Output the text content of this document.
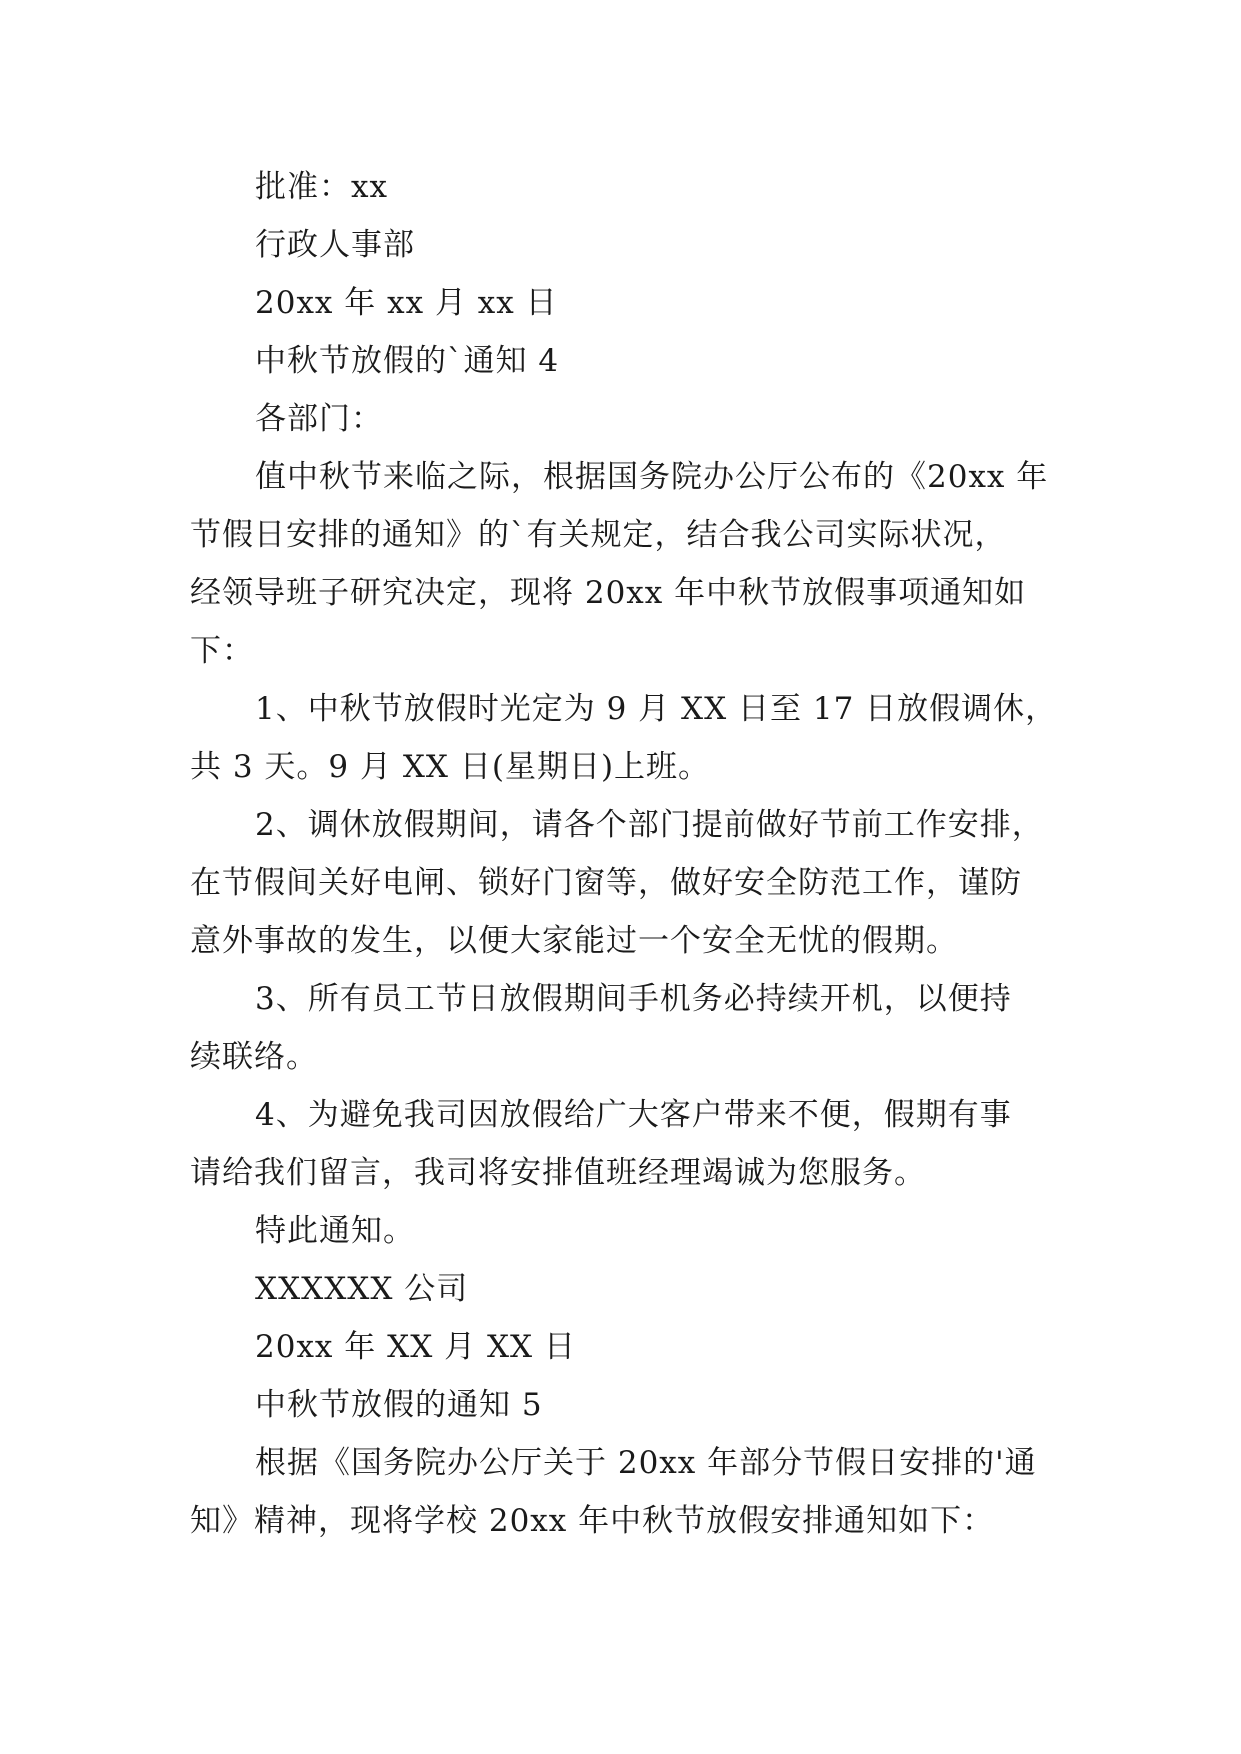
批准：xx
行政人事部
20xx 年 xx 月 xx 日
中秋节放假的`通知 4
各部门：
值中秋节来临之际，根据国务院办公厅公布的《20xx 年
节假日安排的通知》的`有关规定，结合我公司实际状况，
经领导班子研究决定，现将 20xx 年中秋节放假事项通知如
下：
1、中秋节放假时光定为 9 月 XX 日至 17 日放假调休，
共 3 天。9 月 XX 日(星期日)上班。
2、调休放假期间，请各个部门提前做好节前工作安排，
在节假间关好电闸、锁好门窗等，做好安全防范工作，谨防
意外事故的发生，以便大家能过一个安全无忧的假期。
3、所有员工节日放假期间手机务必持续开机，以便持
续联络。
4、为避免我司因放假给广大客户带来不便，假期有事
请给我们留言，我司将安排值班经理竭诚为您服务。
特此通知。
XXXXXX 公司
20xx 年 XX 月 XX 日
中秋节放假的通知 5
根据《国务院办公厅关于 20xx 年部分节假日安排的'通
知》精神，现将学校 20xx 年中秋节放假安排通知如下：
